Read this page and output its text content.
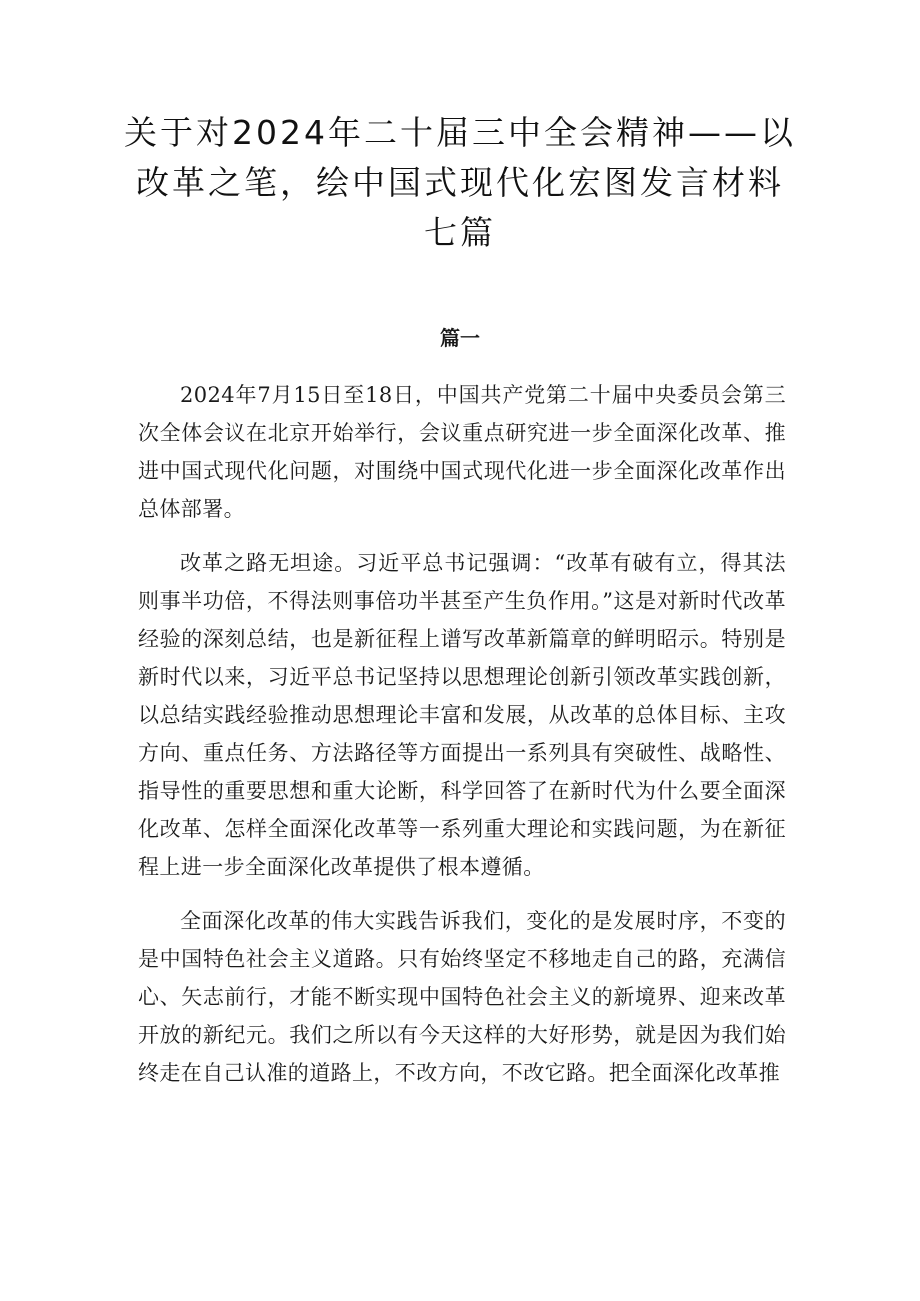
关于对2024年二十届三中全会精神——以改革之笔，绘中国式现代化宏图发言材料七篇
篇一

2024年7月15日至18日，中国共产党第二十届中央委员会第三次全体会议在北京开始举行，会议重点研究进一步全面深化改革、推进中国式现代化问题，对围绕中国式现代化进一步全面深化改革作出总体部署。

改革之路无坦途。习近平总书记强调：“改革有破有立，得其法则事半功倍，不得法则事倍功半甚至产生负作用。”这是对新时代改革经验的深刻总结，也是新征程上谱写改革新篇章的鲜明昭示。特别是新时代以来，习近平总书记坚持以思想理论创新引领改革实践创新，以总结实践经验推动思想理论丰富和发展，从改革的总体目标、主攻方向、重点任务、方法路径等方面提出一系列具有突破性、战略性、指导性的重要思想和重大论断，科学回答了在新时代为什么要全面深化改革、怎样全面深化改革等一系列重大理论和实践问题，为在新征程上进一步全面深化改革提供了根本遵循。

全面深化改革的伟大实践告诉我们，变化的是发展时序，不变的是中国特色社会主义道路。只有始终坚定不移地走自己的路，充满信心、矢志前行，才能不断实现中国特色社会主义的新境界、迎来改革开放的新纪元。我们之所以有今天这样的大好形势，就是因为我们始终走在自己认准的道路上，不改方向，不改它路。把全面深化改革推
